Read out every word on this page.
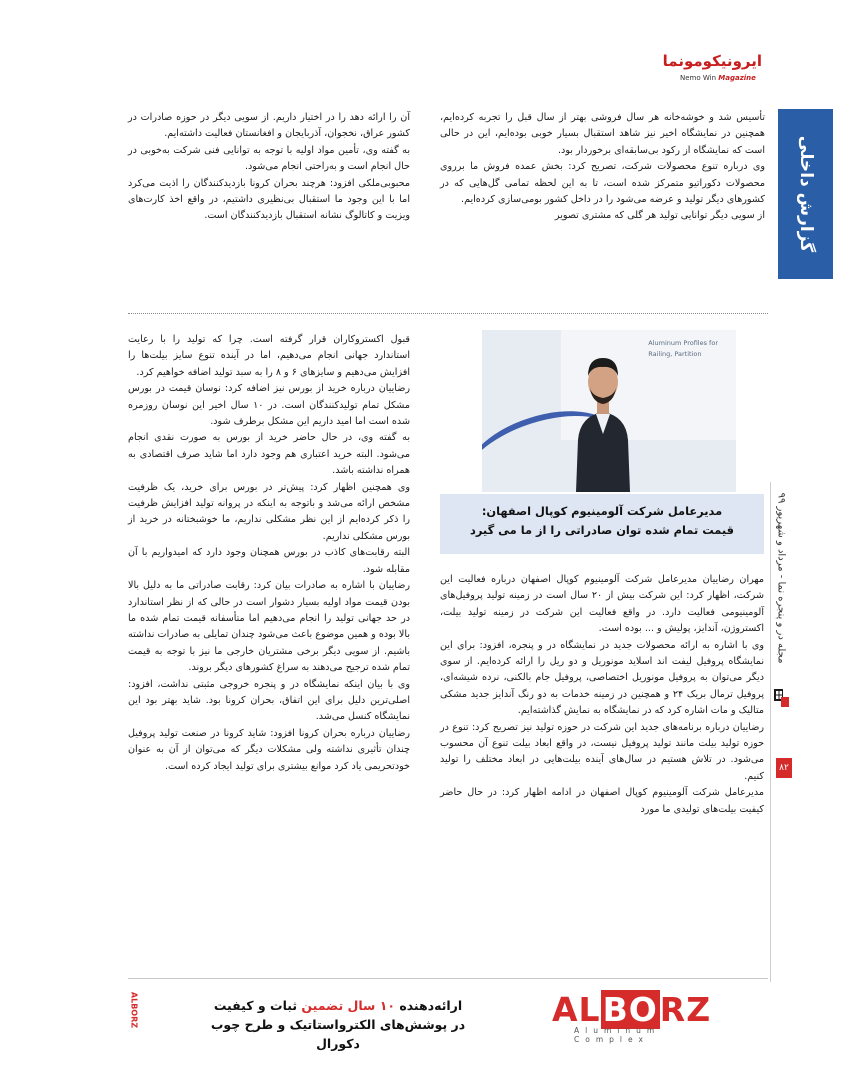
ایرونیکومونما
Nemo Win Magazine
گزارش داخلی
مجله در و پنجره نما - مرداد و شهریور ۹۹
۸۲

تأسیس شد و خوشه‌خانه هر سال فروشی بهتر از سال قبل را تجربه کرده‌ایم، همچنین در نمایشگاه اخیر نیز شاهد استقبال بسیار خوبی بوده‌ایم، این در حالی است که نمایشگاه از رکود بی‌سابقه‌ای برخوردار بود.

وی درباره تنوع محصولات شرکت، تصریح کرد: بخش عمده فروش ما برروی محصولات دکوراتیو متمرکز شده است، تا به این لحظه تمامی گل‌هایی که در کشورهای دیگر تولید و عرضه می‌شود را در داخل کشور بومی‌سازی کرده‌ایم.

از سویی دیگر توانایی تولید هر گلی که مشتری تصویر

آن را ارائه دهد را در اختیار داریم. از سویی دیگر در حوزه صادرات در کشور عراق، نخجوان، آذربایجان و افغانستان فعالیت داشته‌ایم.

به گفته وی، تأمین مواد اولیه با توجه به توانایی فنی شرکت به‌خوبی در حال انجام است و به‌راحتی انجام می‌شود.

محبوبی‌ملکی افزود: هرچند بحران کرونا بازدیدکنندگان را اذیت می‌کرد اما با این وجود ما استقبال بی‌نظیری داشتیم، در واقع اخذ کارت‌های ویزیت و کاتالوگ نشانه استقبال بازدیدکنندگان است.

Aluminum Profiles for
Railing, Partition
مدیرعامل شرکت آلومینیوم کوپال اصفهان:
قیمت تمام شده توان صادراتی را از ما می گیرد

قبول اکستروکاران قرار گرفته است. چرا که تولید را با رعایت استاندارد جهانی انجام می‌دهیم، اما در آینده تنوع سایز بیلت‌ها را افزایش می‌دهیم و سایزهای ۶ و ۸ را به سبد تولید اضافه خواهیم کرد.

رضاییان درباره خرید از بورس نیز اضافه کرد: نوسان قیمت در بورس مشکل تمام تولیدکنندگان است. در ۱۰ سال اخیر این نوسان روزمره شده است اما امید داریم این مشکل برطرف شود.

به گفته وی، در حال حاضر خرید از بورس به صورت نقدی انجام می‌شود. البته خرید اعتباری هم وجود دارد اما شاید صرف اقتصادی به همراه نداشته باشد.

وی همچنین اظهار کرد: پیش‌تر در بورس برای خرید، یک ظرفیت مشخص ارائه می‌شد و باتوجه به اینکه در پروانه تولید افزایش ظرفیت را ذکر کرده‌ایم از این نظر مشکلی نداریم، ما خوشبختانه در خرید از بورس مشکلی نداریم.

البته رقابت‌های کاذب در بورس همچنان وجود دارد که امیدواریم با آن مقابله شود.

رضاییان با اشاره به صادرات بیان کرد: رقابت صادراتی ما به دلیل بالا بودن قیمت مواد اولیه بسیار دشوار است در حالی که از نظر استاندارد در حد جهانی تولید را انجام می‌دهیم اما متأسفانه قیمت تمام شده ما بالا بوده و همین موضوع باعث می‌شود چندان تمایلی به صادرات نداشته باشیم. از سویی دیگر برخی مشتریان خارجی ما نیز با توجه به قیمت تمام شده ترجیح می‌دهند به سراغ کشورهای دیگر بروند.

وی با بیان اینکه نمایشگاه در و پنجره خروجی مثبتی نداشت، افزود: اصلی‌ترین دلیل برای این اتفاق، بحران کرونا بود. شاید بهتر بود این نمایشگاه کنسل می‌شد.

رضاییان درباره بحران کرونا افزود: شاید کرونا در صنعت تولید پروفیل چندان تأثیری نداشته ولی مشکلات دیگر که می‌توان از آن به عنوان خودتحریمی یاد کرد موانع بیشتری برای تولید ایجاد کرده است.

مهران رضاییان مدیرعامل شرکت آلومینیوم کوپال اصفهان درباره فعالیت این شرکت، اظهار کرد: این شرکت بیش از ۲۰ سال است در زمینه تولید پروفیل‌های آلومینیومی فعالیت دارد. در واقع فعالیت این شرکت در زمینه تولید بیلت، اکستروژن، آندایز، پولیش و ... بوده است.

وی با اشاره به ارائه محصولات جدید در نمایشگاه در و پنجره، افزود: برای این نمایشگاه پروفیل لیفت اند اسلاید مونوریل و دو ریل را ارائه کرده‌ایم. از سوی دیگر می‌توان به پروفیل مونوریل اختصاصی، پروفیل جام بالکنی، نرده شیشه‌ای، پروفیل ترمال بریک ۲۴ و همچنین در زمینه خدمات به دو رنگ آندایز جدید مشکی متالیک و مات اشاره کرد که در نمایشگاه به نمایش گذاشته‌ایم.

رضاییان درباره برنامه‌های جدید این شرکت در حوزه تولید نیز تصریح کرد: تنوع در حوزه تولید بیلت مانند تولید پروفیل نیست، در واقع ابعاد بیلت تنوع آن محسوب می‌شود. در تلاش هستیم در سال‌های آینده بیلت‌هایی در ابعاد مختلف را تولید کنیم.

مدیرعامل شرکت آلومینیوم کوپال اصفهان در ادامه اظهار کرد: در حال حاضر کیفیت بیلت‌های تولیدی ما مورد

ALBORZ
Aluminum Complex
ارائه‌دهنده ۱۰ سال تضمین ثبات و کیفیت
در پوشش‌های الکترواستاتیک و طرح چوب دکورال
ALBORZ
